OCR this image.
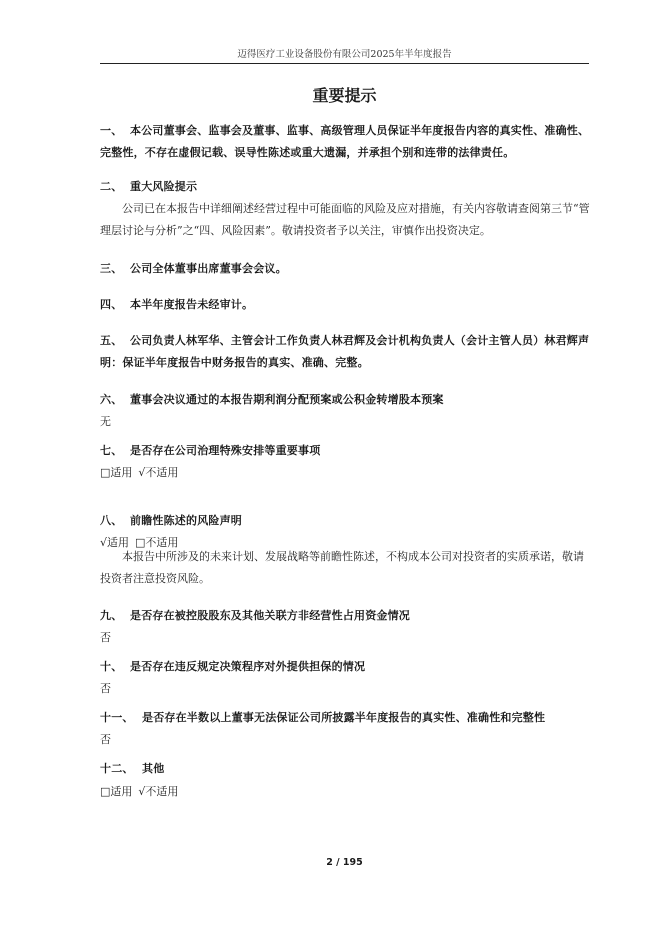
迈得医疗工业设备股份有限公司2025年半年度报告
重要提示
一、 本公司董事会、监事会及董事、监事、高级管理人员保证半年度报告内容的真实性、准确性、完整性，不存在虚假记载、误导性陈述或重大遗漏，并承担个别和连带的法律责任。
二、 重大风险提示
公司已在本报告中详细阐述经营过程中可能面临的风险及应对措施，有关内容敬请查阅第三节“管理层讨论与分析”之“四、风险因素”。敬请投资者予以关注，审慎作出投资决定。
三、 公司全体董事出席董事会会议。
四、 本半年度报告未经审计。
五、 公司负责人林军华、主管会计工作负责人林君辉及会计机构负责人（会计主管人员）林君辉声明：保证半年度报告中财务报告的真实、准确、完整。
六、 董事会决议通过的本报告期利润分配预案或公积金转增股本预案
无
七、 是否存在公司治理特殊安排等重要事项
□适用 √不适用
八、 前瞻性陈述的风险声明
√适用 □不适用
本报告中所涉及的未来计划、发展战略等前瞻性陈述，不构成本公司对投资者的实质承诺，敬请投资者注意投资风险。
九、 是否存在被控股股东及其他关联方非经营性占用资金情况
否
十、 是否存在违反规定决策程序对外提供担保的情况
否
十一、 是否存在半数以上董事无法保证公司所披露半年度报告的真实性、准确性和完整性
否
十二、 其他
□适用 √不适用
2 / 195
